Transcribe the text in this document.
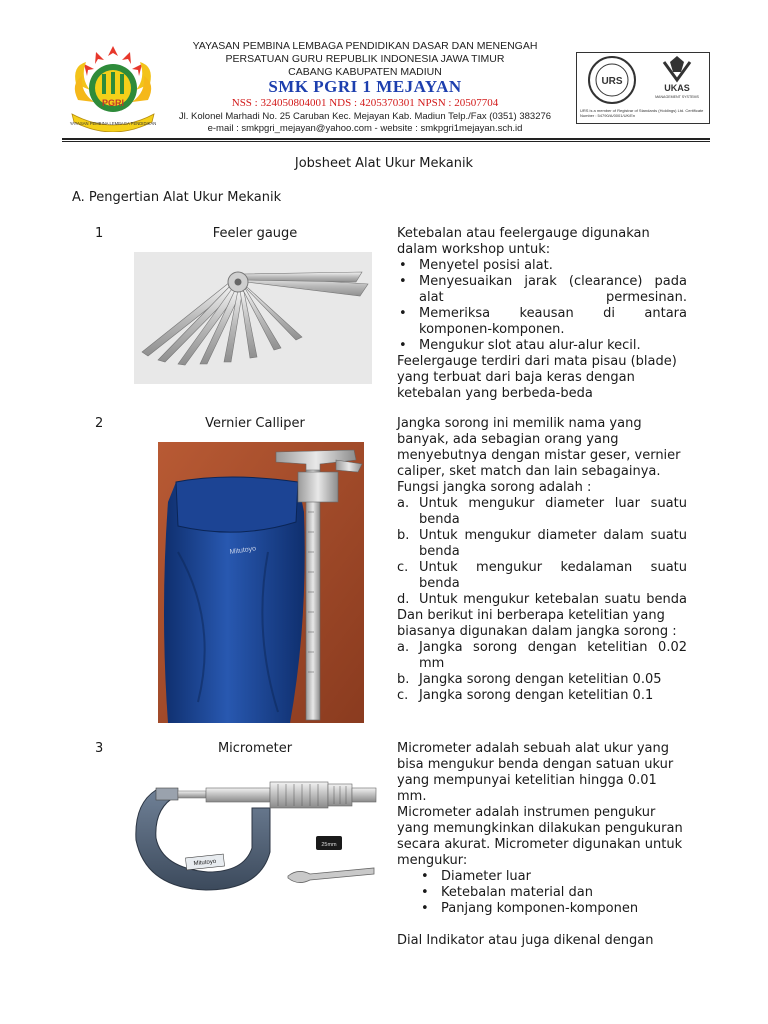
PGRI
YAYASAN PEMBINA LEMBAGA PENDIDIKAN
YAYASAN PEMBINA LEMBAGA PENDIDIKAN DASAR DAN MENENGAH
PERSATUAN GURU REPUBLIK INDONESIA JAWA TIMUR
CABANG KABUPATEN MADIUN
SMK PGRI 1 MEJAYAN
NSS : 324050804001 NDS : 4205370301 NPSN : 20507704
Jl. Kolonel Marhadi No. 25 Caruban Kec. Mejayan Kab. Madiun Telp./Fax (0351) 383276
e-mail : smkpgri_mejayan@yahoo.com - website : smkpgri1mejayan.sch.id
URS
UKAS
MANAGEMENT SYSTEMS
URS is a member of Registrar of Standards (Holdings) Ltd. Certificate Number : 54790/A/0001/UK/En
Jobsheet Alat Ukur Mekanik
A. Pengertian Alat Ukur Mekanik
1	Feeler gauge	Ketebalan atau feelergauge digunakan dalam workshop untuk:

• Menyetel posisi alat.
• Menyesuaikan jarak (clearance) pada alat permesinan.
• Memeriksa keausan di antara komponen-komponen.
• Mengukur slot atau alur-alur kecil.

Feelergauge terdiri dari mata pisau (blade) yang terbuat dari baja keras dengan ketebalan yang berbeda-beda

2	Vernier Calliper
Mitutoyo

Jangka sorong ini memilik nama yang banyak, ada sebagian orang yang menyebutnya dengan mistar geser, vernier caliper, sket match dan lain sebagainya.

Fungsi jangka sorong adalah :

a. Untuk mengukur diameter luar suatu benda
b. Untuk mengukur diameter dalam suatu benda
c. Untuk mengukur kedalaman suatu benda
d. Untuk mengukur ketebalan suatu benda

Dan berikut ini berberapa ketelitian yang biasanya digunakan dalam jangka sorong :

a. Jangka sorong dengan ketelitian 0.02 mm
b. Jangka sorong dengan ketelitian 0.05
c. Jangka sorong dengan ketelitian 0.1
3	Micrometer
Mitutoyo
25mm

Micrometer adalah sebuah alat ukur yang bisa mengukur benda dengan satuan ukur yang mempunyai ketelitian hingga 0.01 mm.

Micrometer adalah instrumen pengukur yang memungkinkan dilakukan pengukuran secara akurat. Micrometer digunakan untuk mengukur:

• Diameter luar
• Ketebalan material dan
• Panjang komponen-komponen

Dial Indikator atau juga dikenal dengan
